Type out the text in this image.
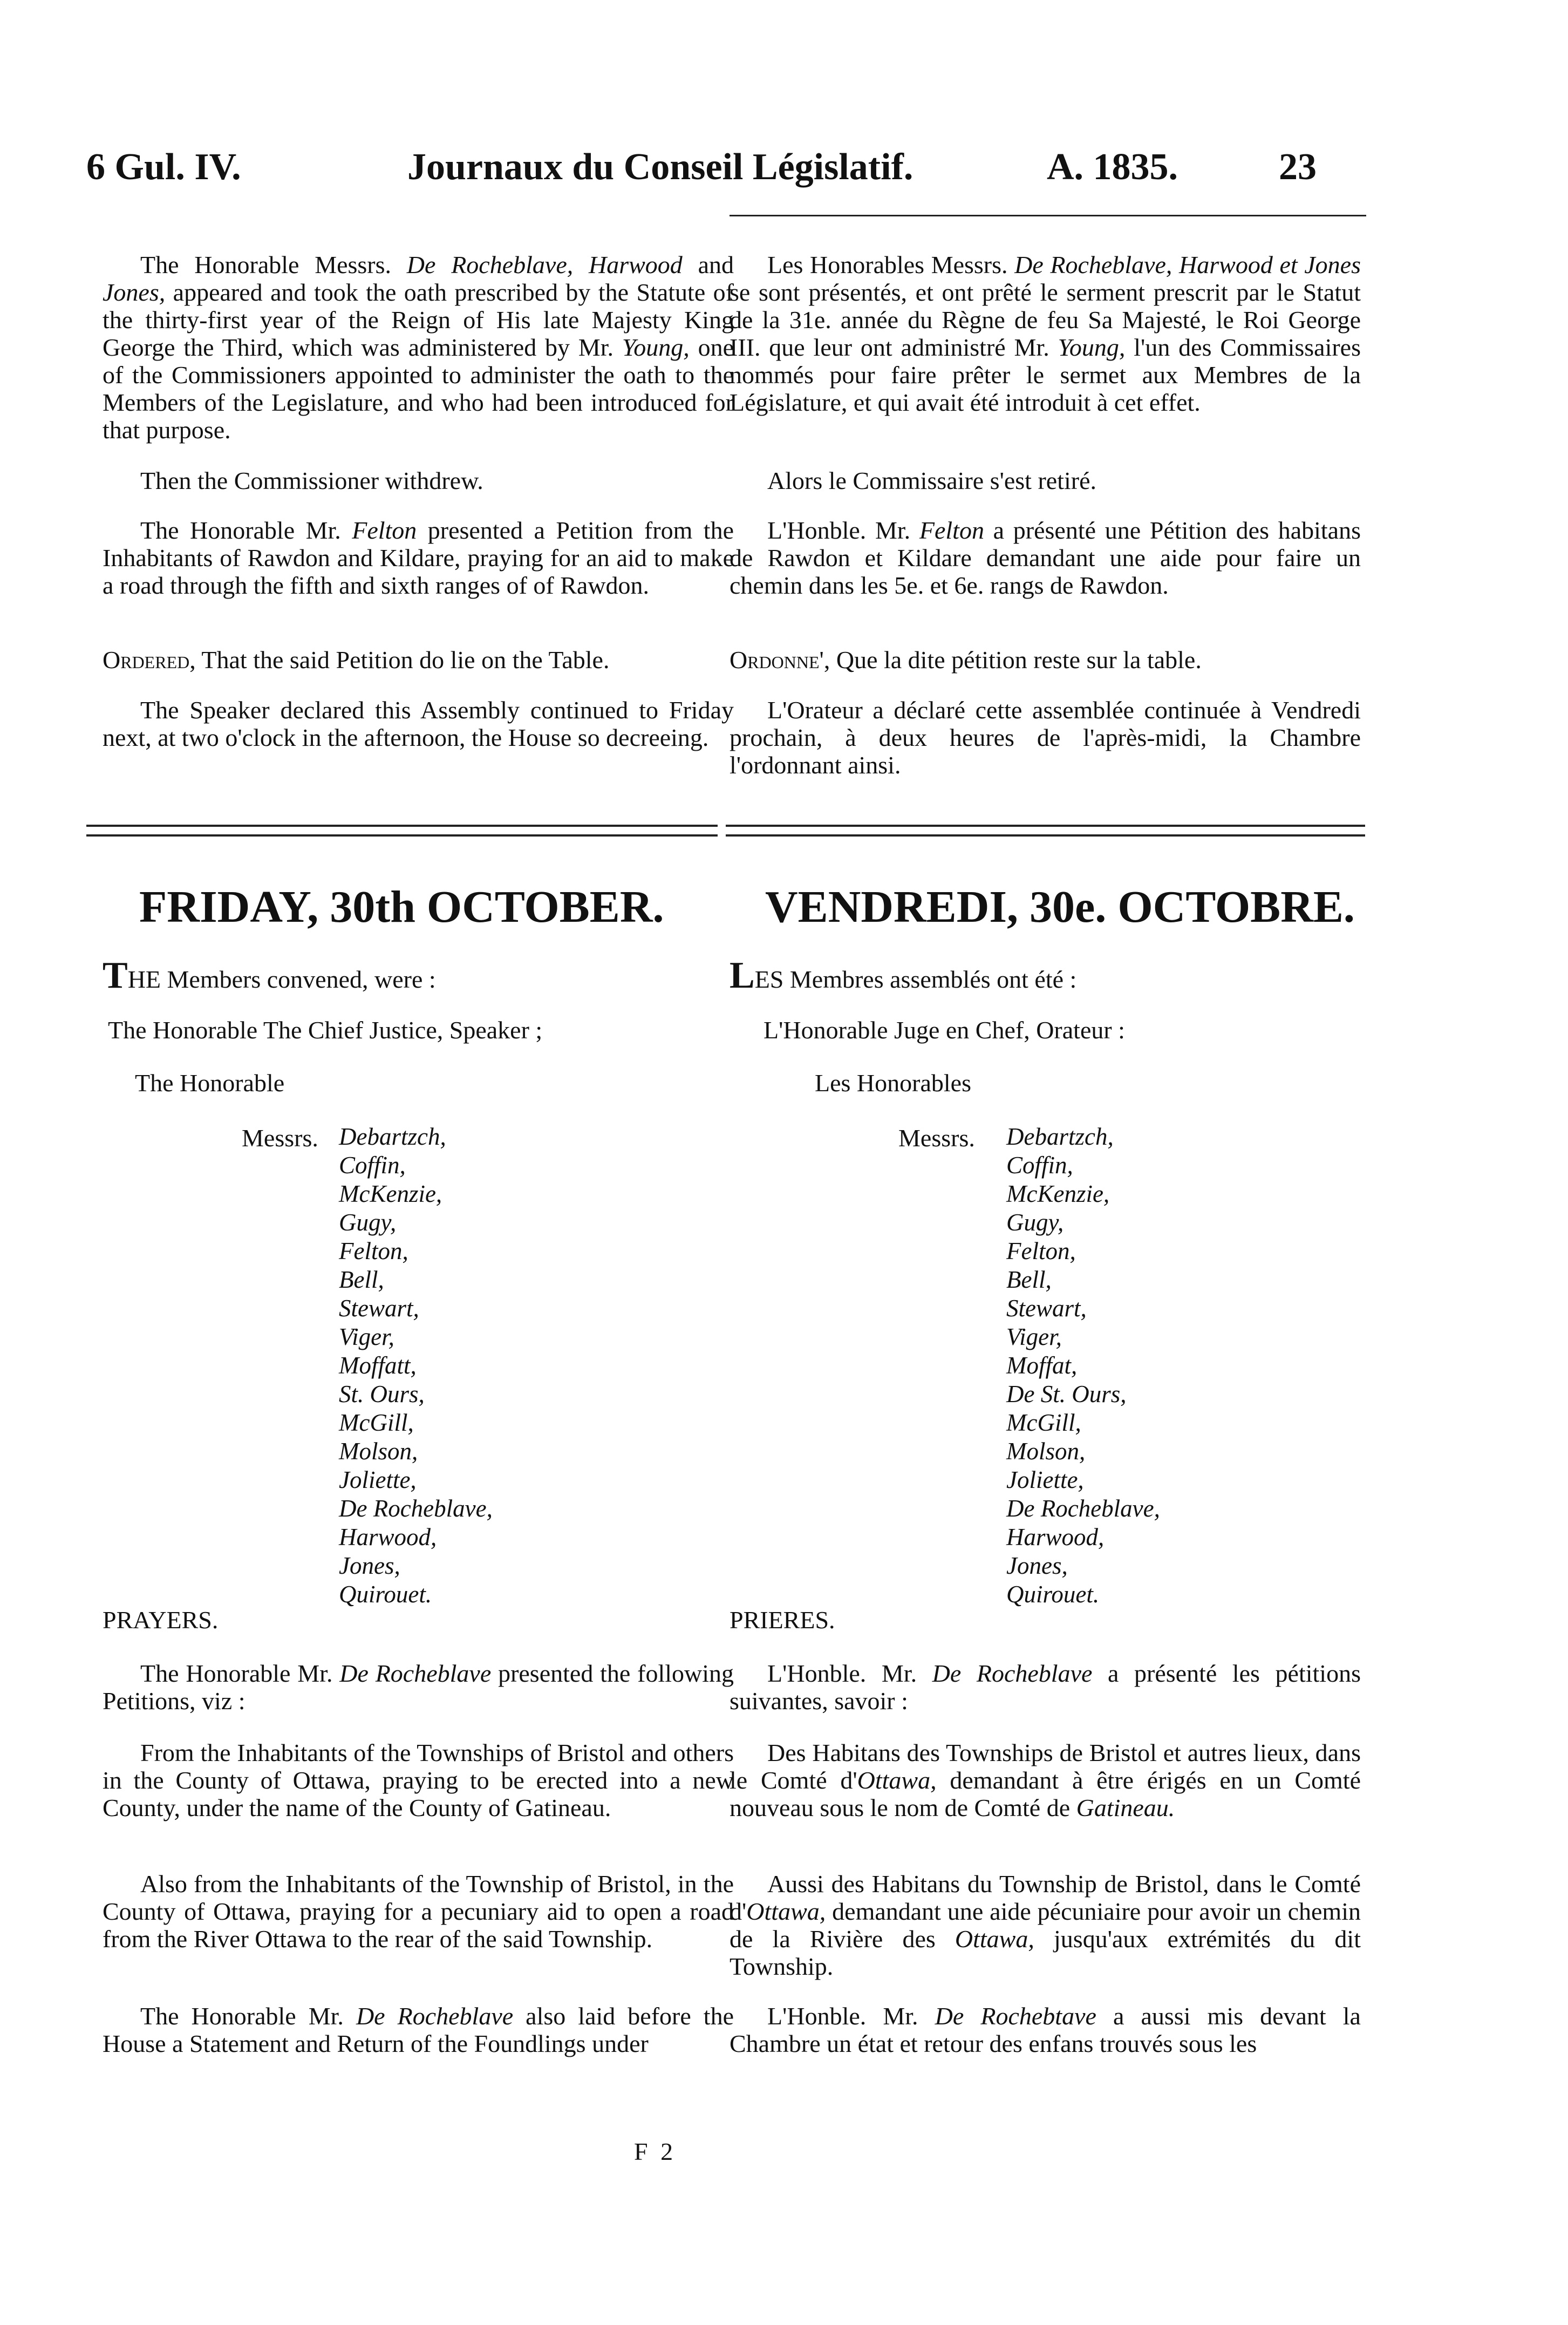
6 Gul. IV.	Journaux du Conseil Législatif.	A. 1835.	23

The Honorable Messrs. De Rocheblave, Harwood and Jones, appeared and took the oath prescribed by the Statute of the thirty-first year of the Reign of His late Majesty King George the Third, which was administered by Mr. Young, one of the Commissioners appointed to administer the oath to the Members of the Legislature, and who had been introduced for that purpose.

Then the Commissioner withdrew.

The Honorable Mr. Felton presented a Petition from the Inhabitants of Rawdon and Kildare, praying for an aid to make a road through the fifth and sixth ranges of of Rawdon.

Ordered, That the said Petition do lie on the Table.

The Speaker declared this Assembly continued to Friday next, at two o'clock in the afternoon, the House so decreeing.

Les Honorables Messrs. De Rocheblave, Harwood et Jones se sont présentés, et ont prêté le serment prescrit par le Statut de la 31e. année du Règne de feu Sa Majesté, le Roi George III. que leur ont administré Mr. Young, l'un des Commissaires nommés pour faire prêter le sermet aux Membres de la Législature, et qui avait été introduit à cet effet.

Alors le Commissaire s'est retiré.

L'Honble. Mr. Felton a présenté une Pétition des habitans de Rawdon et Kildare demandant une aide pour faire un chemin dans les 5e. et 6e. rangs de Rawdon.

Ordonne', Que la dite pétition reste sur la table.

L'Orateur a déclaré cette assemblée continuée à Vendredi prochain, à deux heures de l'après-midi, la Chambre l'ordonnant ainsi.

FRIDAY, 30th OCTOBER. VENDREDI, 30e. OCTOBRE.
THE Members convened, were :	LES Membres assemblés ont été :
The Honorable The Chief Justice, Speaker ;	L'Honorable Juge en Chef, Orateur :
The Honorable	Les Honorables
Messrs. Debartzch,
Coffin,
McKenzie,
Gugy,
Felton,
Bell,
Stewart,
Viger,
Moffatt,
St. Ours,
McGill,
Molson,
Joliette,
De Rocheblave,
Harwood,
Jones,
Quirouet.
Messrs. Debartzch,
Coffin,
McKenzie,
Gugy,
Felton,
Bell,
Stewart,
Viger,
Moffat,
De St. Ours,
McGill,
Molson,
Joliette,
De Rocheblave,
Harwood,
Jones,
Quirouet.
PRAYERS.	PRIERES.

The Honorable Mr. De Rocheblave presented the following Petitions, viz :

From the Inhabitants of the Townships of Bristol and others in the County of Ottawa, praying to be erected into a new County, under the name of the County of Gatineau.

Also from the Inhabitants of the Township of Bristol, in the County of Ottawa, praying for a pecuniary aid to open a road from the River Ottawa to the rear of the said Township.

The Honorable Mr. De Rocheblave also laid before the House a Statement and Return of the Foundlings under

L'Honble. Mr. De Rocheblave a présenté les pétitions suivantes, savoir :

Des Habitans des Townships de Bristol et autres lieux, dans le Comté d'Ottawa, demandant à être érigés en un Comté nouveau sous le nom de Comté de Gatineau.

Aussi des Habitans du Township de Bristol, dans le Comté d'Ottawa, demandant une aide pécuniaire pour avoir un chemin de la Rivière des Ottawa, jusqu'aux extrémités du dit Township.

L'Honble. Mr. De Rochebtave a aussi mis devant la Chambre un état et retour des enfans trouvés sous les

F 2
